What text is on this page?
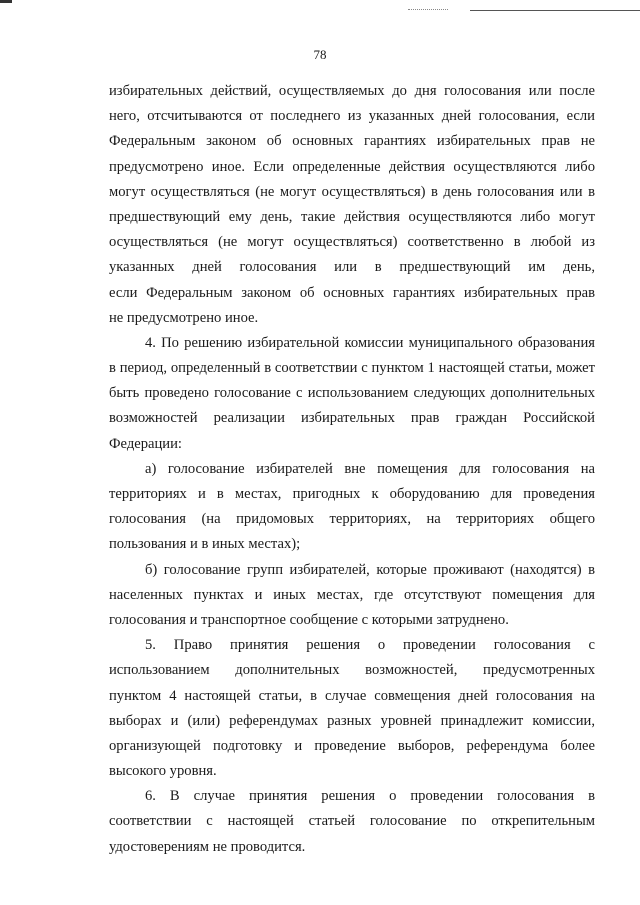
78
избирательных действий, осуществляемых до дня голосования или после
него, отсчитываются от последнего из указанных дней голосования, если
Федеральным законом об основных гарантиях избирательных прав не
предусмотрено иное. Если определенные действия осуществляются либо
могут осуществляться (не могут осуществляться) в день голосования или в
предшествующий ему день, такие действия осуществляются либо могут
осуществляться (не могут осуществляться) соответственно в любой из
указанных дней голосования или в предшествующий им день,
если Федеральным законом об основных гарантиях избирательных прав
не предусмотрено иное.
4. По решению избирательной комиссии муниципального образования
в период, определенный в соответствии с пунктом 1 настоящей статьи, может
быть проведено голосование с использованием следующих дополнительных
возможностей реализации избирательных прав граждан Российской
Федерации:
а) голосование избирателей вне помещения для голосования на
территориях и в местах, пригодных к оборудованию для проведения
голосования (на придомовых территориях, на территориях общего
пользования и в иных местах);
б) голосование групп избирателей, которые проживают (находятся) в
населенных пунктах и иных местах, где отсутствуют помещения для
голосования и транспортное сообщение с которыми затруднено.
5. Право принятия решения о проведении голосования с
использованием дополнительных возможностей, предусмотренных
пунктом 4 настоящей статьи, в случае совмещения дней голосования на
выборах и (или) референдумах разных уровней принадлежит комиссии,
организующей подготовку и проведение выборов, референдума более
высокого уровня.
6. В случае принятия решения о проведении голосования в
соответствии с настоящей статьей голосование по открепительным
удостоверениям не проводится.
